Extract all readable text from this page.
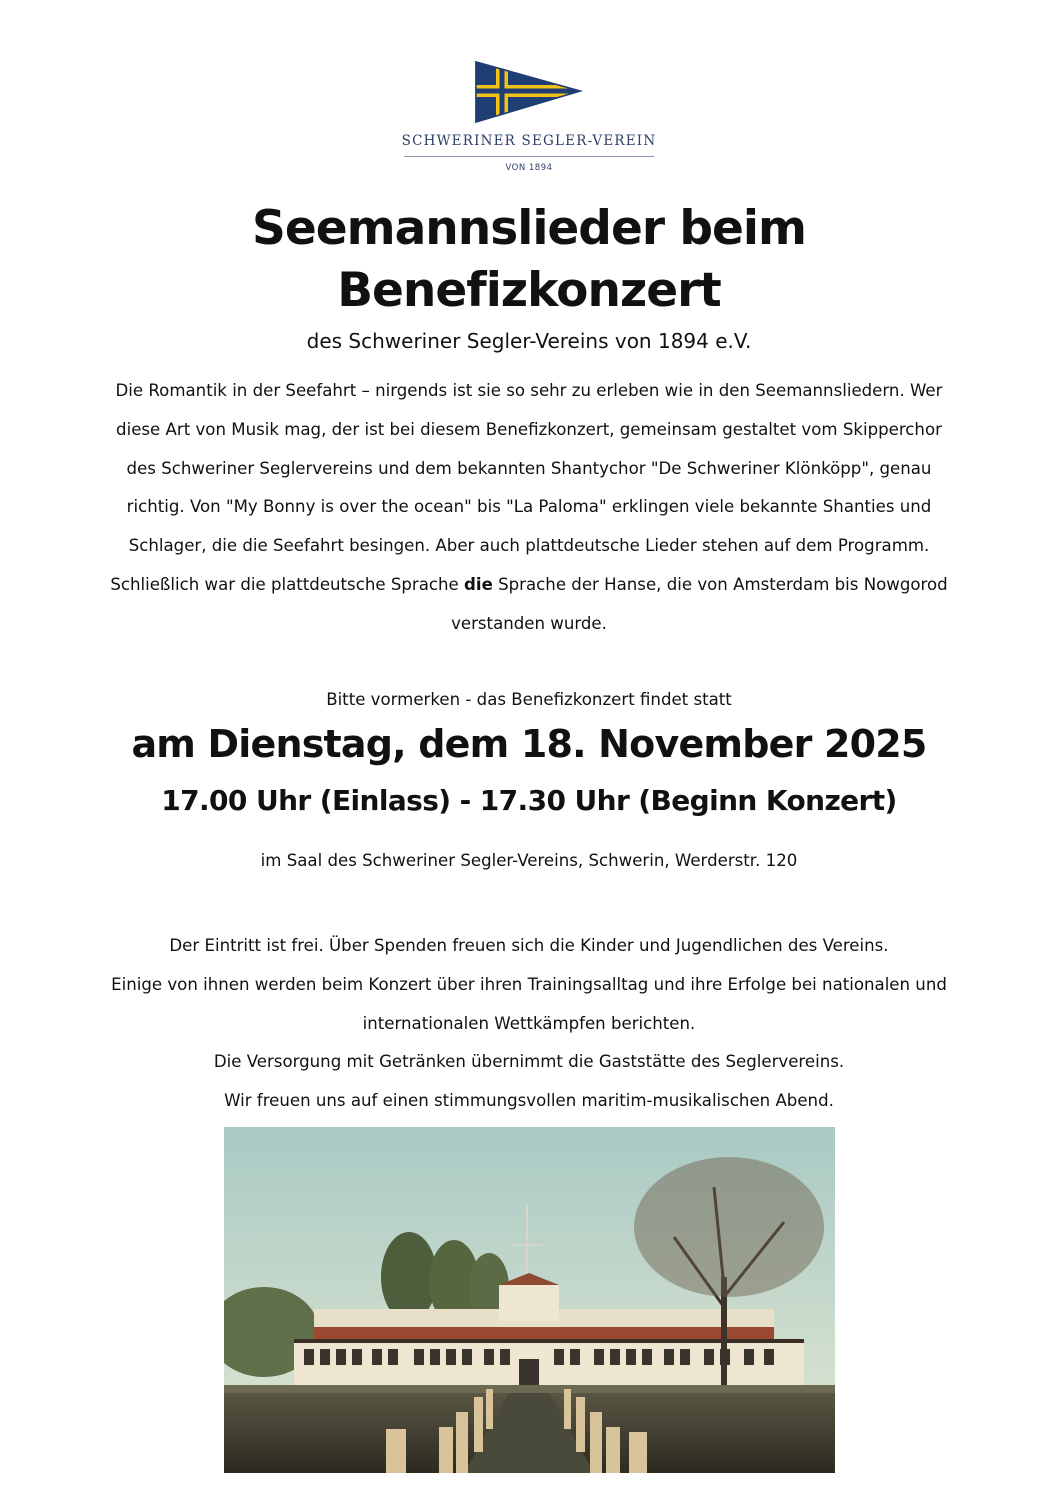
SCHWERINER SEGLER-VEREIN
VON 1894
Seemannslieder beim
Benefizkonzert

des Schweriner Segler-Vereins von 1894 e.V.

Die Romantik in der Seefahrt – nirgends ist sie so sehr zu erleben wie in den Seemannsliedern. Wer diese Art von Musik mag, der ist bei diesem Benefizkonzert, gemeinsam gestaltet vom Skipperchor des Schweriner Seglervereins und dem bekannten Shantychor "De Schweriner Klönköpp", genau richtig. Von "My Bonny is over the ocean" bis "La Paloma" erklingen viele bekannte Shanties und Schlager, die die Seefahrt besingen. Aber auch plattdeutsche Lieder stehen auf dem Programm. Schließlich war die plattdeutsche Sprache die Sprache der Hanse, die von Amsterdam bis Nowgorod verstanden wurde.

Bitte vormerken - das Benefizkonzert findet statt

am Dienstag, dem 18. November 2025

17.00 Uhr (Einlass) - 17.30 Uhr (Beginn Konzert)

im Saal des Schweriner Segler-Vereins, Schwerin, Werderstr. 120

Der Eintritt ist frei. Über Spenden freuen sich die Kinder und Jugendlichen des Vereins.
Einige von ihnen werden beim Konzert über ihren Trainingsalltag und ihre Erfolge bei nationalen und internationalen Wettkämpfen berichten.
Die Versorgung mit Getränken übernimmt die Gaststätte des Seglervereins.
Wir freuen uns auf einen stimmungsvollen maritim-musikalischen Abend.
